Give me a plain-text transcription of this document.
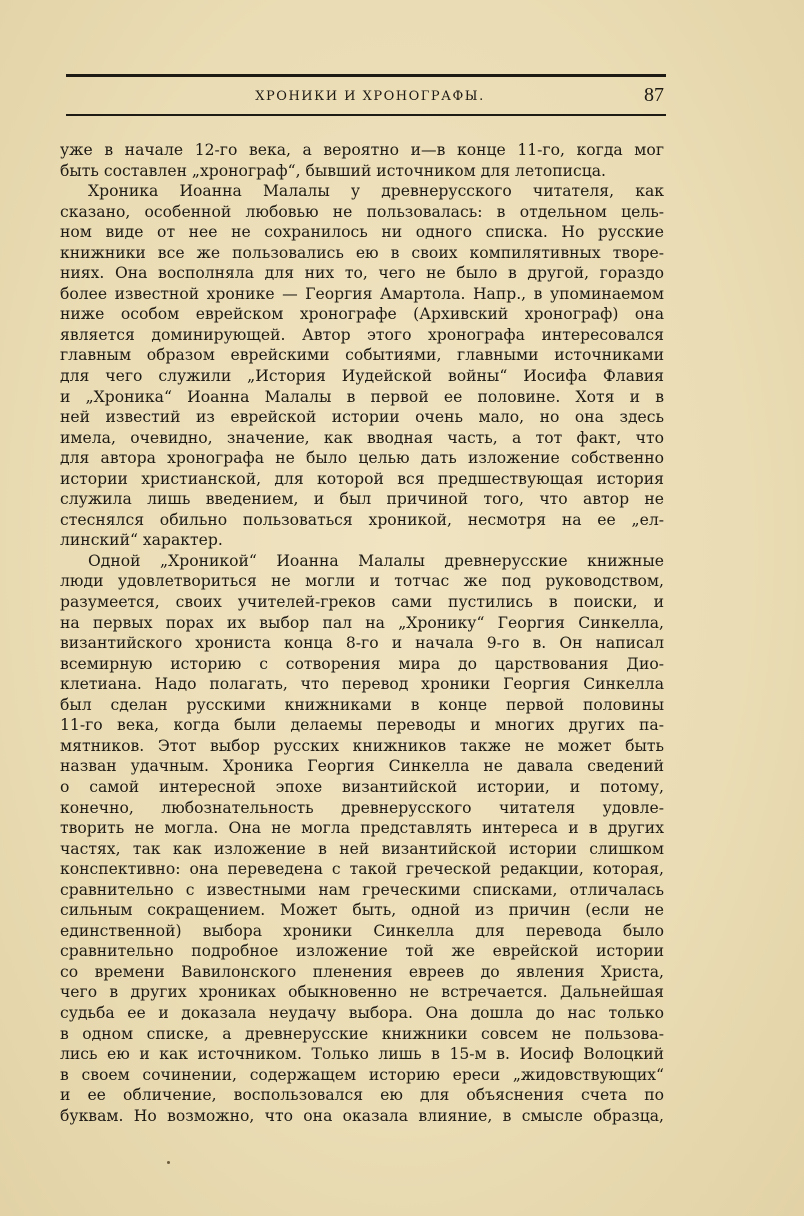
ХРОНИКИ И ХРОНОГРАФЫ.	87
уже в начале 12-го века, а вероятно и—в конце 11-го, когда мог
быть составлен „хронограф“, бывший источником для летописца.
Хроника Иоанна Малалы у древнерусского читателя, как
сказано, особенной любовью не пользовалась: в отдельном цель-
ном виде от нее не сохранилось ни одного списка. Но русские
книжники все же пользовались ею в своих компилятивных творе-
ниях. Она восполняла для них то, чего не было в другой, гораздо
более известной хронике — Георгия Амартола. Напр., в упоминаемом
ниже особом еврейском хронографе (Архивский хронограф) она
является доминирующей. Автор этого хронографа интересовался
главным образом еврейскими событиями, главными источниками
для чего служили „История Иудейской войны“ Иосифа Флавия
и „Хроника“ Иоанна Малалы в первой ее половине. Хотя и в
ней известий из еврейской истории очень мало, но она здесь
имела, очевидно, значение, как вводная часть, а тот факт, что
для автора хронографа не было целью дать изложение собственно
истории христианской, для которой вся предшествующая история
служила лишь введением, и был причиной того, что автор не
стеснялся обильно пользоваться хроникой, несмотря на ее „ел-
линский“ характер.
Одной „Хроникой“ Иоанна Малалы древнерусские книжные
люди удовлетвориться не могли и тотчас же под руководством,
разумеется, своих учителей-греков сами пустились в поиски, и
на первых порах их выбор пал на „Хронику“ Георгия Синкелла,
византийского хрониста конца 8-го и начала 9-го в. Он написал
всемирную историю с сотворения мира до царствования Дио-
клетиана. Надо полагать, что перевод хроники Георгия Синкелла
был сделан русскими книжниками в конце первой половины
11-го века, когда были делаемы переводы и многих других па-
мятников. Этот выбор русских книжников также не может быть
назван удачным. Хроника Георгия Синкелла не давала сведений
о самой интересной эпохе византийской истории, и потому,
конечно, любознательность древнерусского читателя удовле-
творить не могла. Она не могла представлять интереса и в других
частях, так как изложение в ней византийской истории слишком
конспективно: она переведена с такой греческой редакции, которая,
сравнительно с известными нам греческими списками, отличалась
сильным сокращением. Может быть, одной из причин (если не
единственной) выбора хроники Синкелла для перевода было
сравнительно подробное изложение той же еврейской истории
со времени Вавилонского пленения евреев до явления Христа,
чего в других хрониках обыкновенно не встречается. Дальнейшая
судьба ее и доказала неудачу выбора. Она дошла до нас только
в одном списке, а древнерусские книжники совсем не пользова-
лись ею и как источником. Только лишь в 15-м в. Иосиф Волоцкий
в своем сочинении, содержащем историю ереси „жидовствующих“
и ее обличение, воспользовался ею для объяснения счета по
буквам. Но возможно, что она оказала влияние, в смысле образца,
